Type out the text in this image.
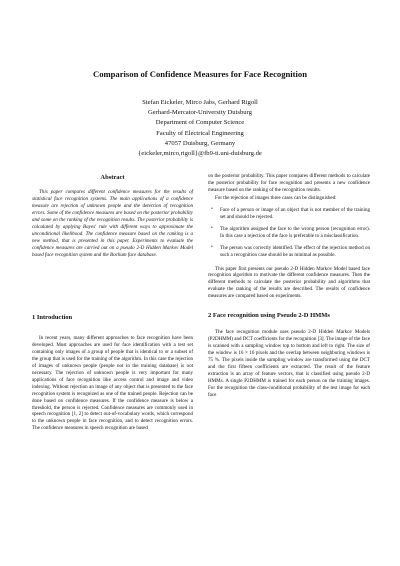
Comparison of Confidence Measures for Face Recognition
Stefan Eickeler, Mirco Jabs, Gerhard Rigoll
Gerhard-Mercator-University Duisburg
Department of Computer Science
Faculty of Electrical Engineering
47057 Duisburg, Germany
{eickeler,mirco,rigoll}@fb9-ti.uni-duisburg.de
Abstract

This paper compares different confidence measures for the results of statistical face recognition systems. The main applications of a confidence measure are rejection of unknown people and the detection of recognition errors. Some of the confidence measures are based on the posterior probability and some on the ranking of the recognition results. The posterior probability is calculated by applying Bayes' rule with different ways to approximate the unconditional likelihood. The confidence measure based on the ranking is a new method, that is presented in this paper. Experiments to evaluate the confidence measures are carried out on a pseudo 2-D Hidden Markov Model based face recognition system and the Bochum face database.

1 Introduction

In recent years, many different approaches to face recognition have been developed. Most approaches are used for face identification with a test set containing only images of a group of people that is identical to or a subset of the group that is used for the training of the algorithm. In this case the rejection of images of unknown people (people not in the training database) is not necessary. The rejection of unknown people is very important for many applications of face recognition like access control and image and video indexing. Without rejection an image of any object that is presented to the face recognition system is recognized as one of the trained people. Rejection can be done based on confidence measures. If the confidence measure is below a threshold, the person is rejected. Confidence measures are commonly used in speech recognition [1, 2] to detect out-of-vocabulary words, which correspond to the unknown people in face recognition, and to detect recognition errors. The confidence measures in speech recognition are based

on the posterior probability. This paper compares different methods to calculate the posterior probability for face recognition and presents a new confidence measure based on the ranking of the recognition results.

For the rejection of images three cases can be distinguished:

• Face of a person or image of an object that is not member of the training set and should be rejected.
• The algorithm assigned the face to the wrong person (recognition error). In this case a rejection of the face is preferable to a misclassification.
• The person was correctly identified. The effect of the rejection method on such a recognition case should be as minimal as possible.

This paper first presents our pseudo 2-D Hidden Markov Model based face recognition algorithm to motivate the different confidence measures. Then the different methods to calculate the posterior probability and algorithms that evaluate the ranking of the results are described. The results of confidence measures are compared based on experiments.

2 Face recognition using Pseudo 2-D HMMs

The face recognition module uses pseudo 2-D Hidden Markov Models (P2DHMM) and DCT coefficients for the recognition [3]. The image of the face is scanned with a sampling window top to bottom and left to right. The size of the window is 16 × 16 pixels and the overlap between neighboring windows is 75 %. The pixels inside the sampling window are transformed using the DCT and the first fifteen coefficients are extracted. The result of the feature extraction is an array of feature vectors, that is classified using pseudo 2-D HMMs. A single P2DHMM is trained for each person on the training images. For the recognition the class-conditional probability of the test image for each face
